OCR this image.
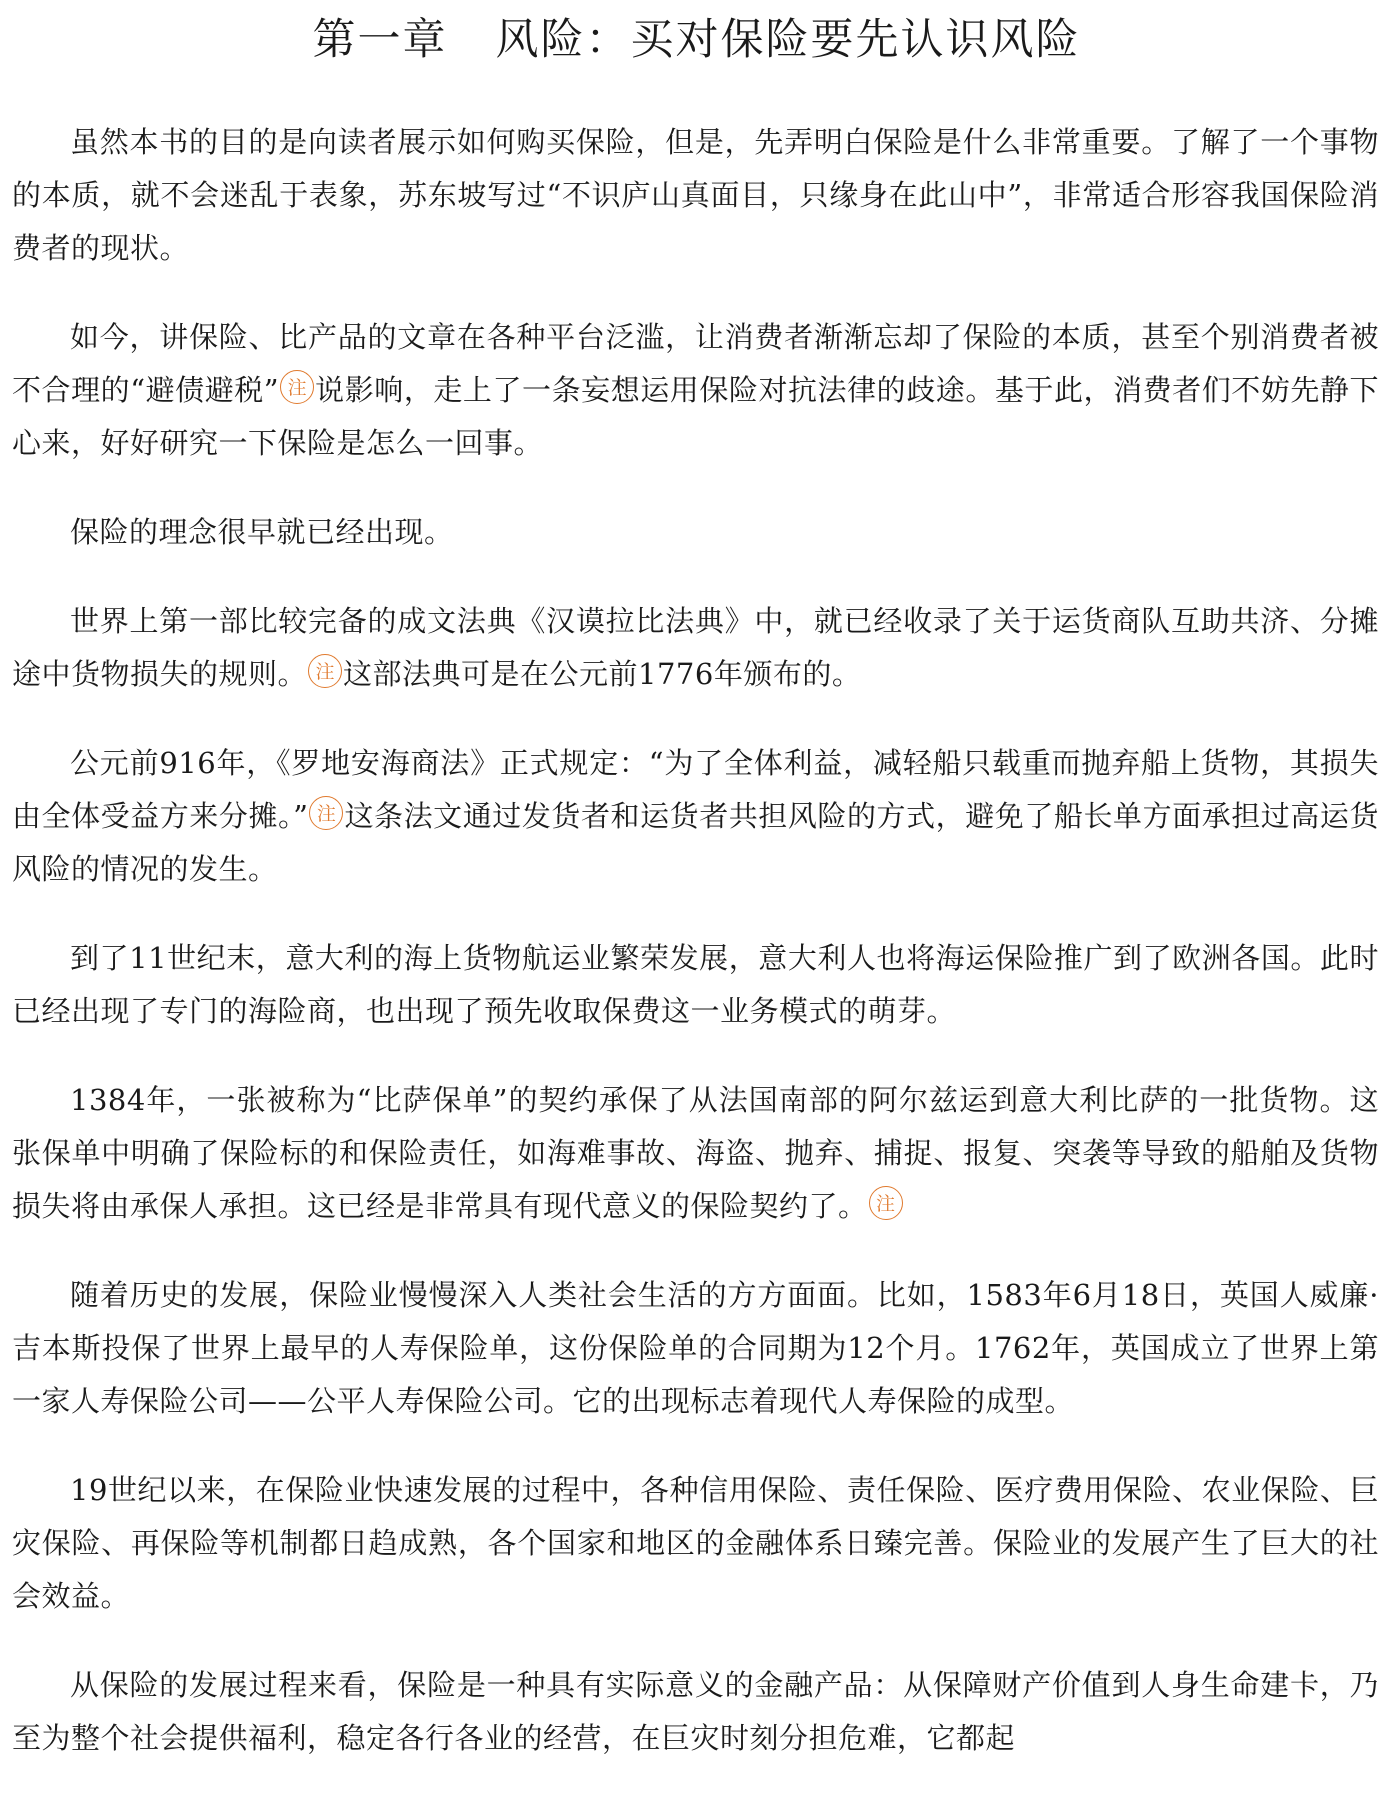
第一章 风险：买对保险要先认识风险

虽然本书的目的是向读者展示如何购买保险，但是，先弄明白保险是什么非常重要。了解了一个事物的本质，就不会迷乱于表象，苏东坡写过“不识庐山真面目，只缘身在此山中”，非常适合形容我国保险消费者的现状。

如今，讲保险、比产品的文章在各种平台泛滥，让消费者渐渐忘却了保险的本质，甚至个别消费者被不合理的“避债避税” 注 说影响，走上了一条妄想运用保险对抗法律的歧途。基于此，消费者们不妨先静下心来，好好研究一下保险是怎么一回事。

保险的理念很早就已经出现。

世界上第一部比较完备的成文法典《汉谟拉比法典》中，就已经收录了关于运货商队互助共济、分摊途中货物损失的规则。 注 这部法典可是在公元前1776年颁布的。

公元前916年，《罗地安海商法》正式规定：“为了全体利益，减轻船只载重而抛弃船上货物，其损失由全体受益方来分摊。” 注 这条法文通过发货者和运货者共担风险的方式，避免了船长单方面承担过高运货风险的情况的发生。

到了11世纪末，意大利的海上货物航运业繁荣发展，意大利人也将海运保险推广到了欧洲各国。此时已经出现了专门的海险商，也出现了预先收取保费这一业务模式的萌芽。

1384年，一张被称为“比萨保单”的契约承保了从法国南部的阿尔兹运到意大利比萨的一批货物。这张保单中明确了保险标的和保险责任，如海难事故、海盗、抛弃、捕捉、报复、突袭等导致的船舶及货物损失将由承保人承担。这已经是非常具有现代意义的保险契约了。 注

随着历史的发展，保险业慢慢深入人类社会生活的方方面面。比如，1583年6月18日，英国人威廉·吉本斯投保了世界上最早的人寿保险单，这份保险单的合同期为12个月。1762年，英国成立了世界上第一家人寿保险公司——公平人寿保险公司。它的出现标志着现代人寿保险的成型。

19世纪以来，在保险业快速发展的过程中，各种信用保险、责任保险、医疗费用保险、农业保险、巨灾保险、再保险等机制都日趋成熟，各个国家和地区的金融体系日臻完善。保险业的发展产生了巨大的社会效益。

从保险的发展过程来看，保险是一种具有实际意义的金融产品：从保障财产价值到人身生命建卡，乃至为整个社会提供福利，稳定各行各业的经营，在巨灾时刻分担危难，它都起
